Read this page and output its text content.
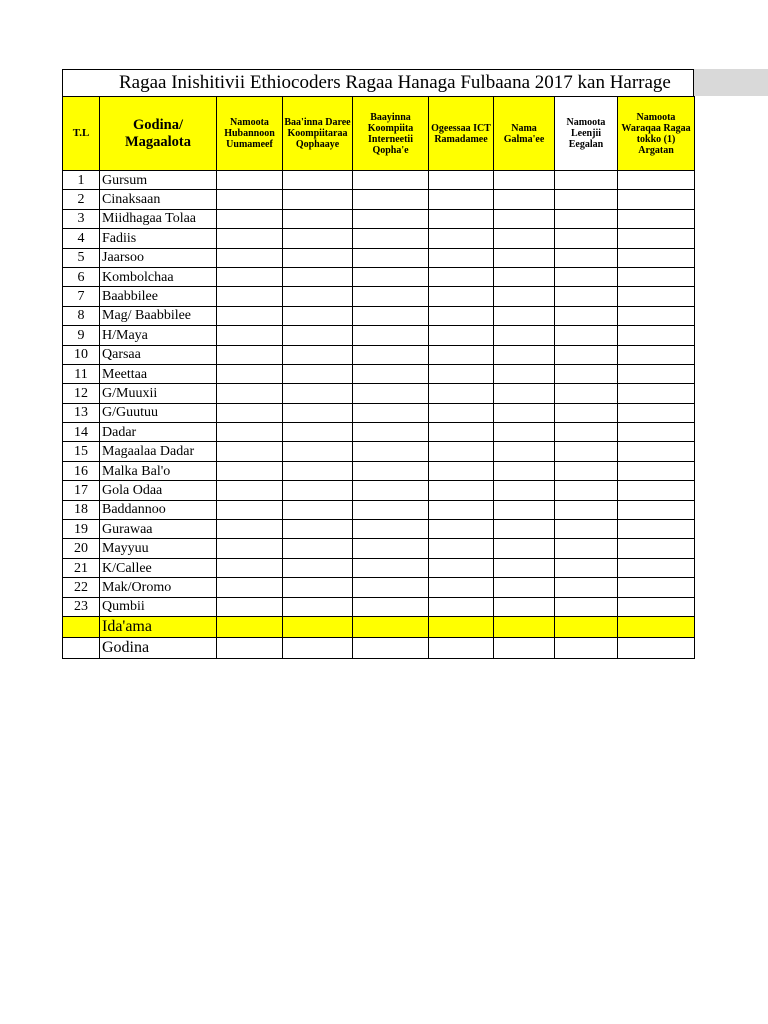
Ragaa Inishitivii Ethiocoders Ragaa Hanaga Fulbaana 2017 kan Harrage
T.L	Godina/ Magaalota	Namoota Hubannoon Uumameef	Baa'inna Daree Koompiitaraa Qophaaye	Baayinna Koompiita Interneetii Qopha'e	Ogeessaa ICT Ramadamee	Nama Galma'ee	Namoota Leenjii Eegalan	Namoota Waraqaa Ragaa tokko (1) Argatan
1	Gursum							
2	Cinaksaan							
3	Miidhagaa Tolaa							
4	Fadiis							
5	Jaarsoo							
6	Kombolchaa							
7	Baabbilee							
8	Mag/ Baabbilee							
9	H/Maya							
10	Qarsaa							
11	Meettaa							
12	G/Muuxii							
13	G/Guutuu							
14	Dadar							
15	Magaalaa Dadar							
16	Malka Bal'o							
17	Gola Odaa							
18	Baddannoo							
19	Gurawaa							
20	Mayyuu							
21	K/Callee							
22	Mak/Oromo							
23	Qumbii							
	Ida'ama							
	Godina							
